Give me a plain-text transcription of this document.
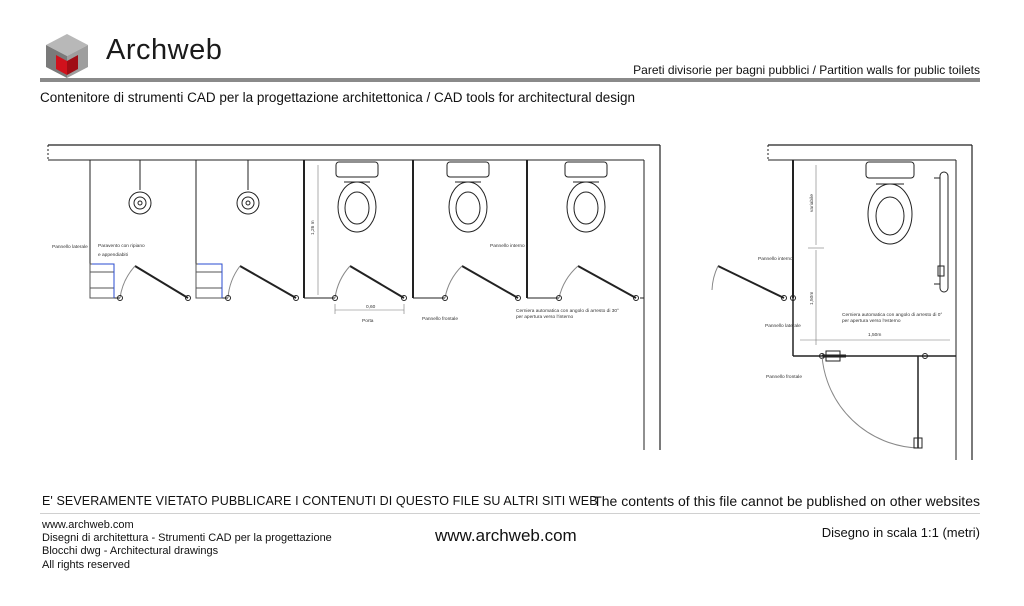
Archweb
Pareti divisorie per bagni pubblici / Partition walls for public toilets
Contenitore di strumenti CAD per la progettazione architettonica / CAD tools for architectural design
Pannello laterale Paravento con ripiano
e appendiabiti
Pannello interno
1,26 m
0,60
Porta	Pannello frontale
Cerniera automatica con angolo di arresto di 30°
per apertura verso l'interno
Pannello interno
Pannello laterale
variabile
1,50m
Cerniera automatica con angolo di arresto di 0°
per apertura verso l'esterno
1,50m
Pannello frontale
E' SEVERAMENTE VIETATO PUBBLICARE I CONTENUTI DI QUESTO FILE SU ALTRI SITI WEB
The contents of this file cannot be published on other websites
www.archweb.com
Disegni di architettura - Strumenti CAD per la progettazione
Blocchi dwg - Architectural drawings
All rights reserved
www.archweb.com	Disegno in scala 1:1 (metri)
